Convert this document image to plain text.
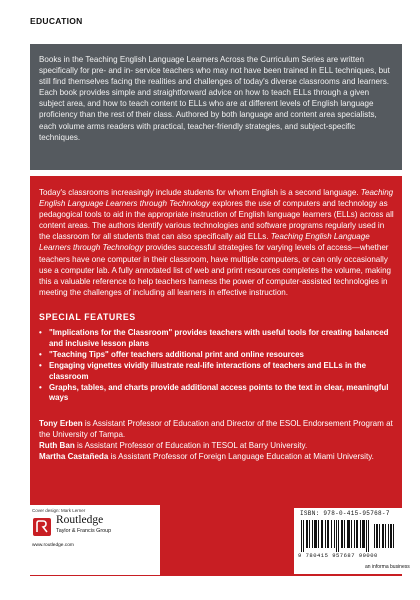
EDUCATION
Books in the Teaching English Language Learners Across the Curriculum Series are written specifically for pre- and in- service teachers who may not have been trained in ELL techniques, but still find themselves facing the realities and challenges of today's diverse classrooms and learners. Each book provides simple and straightforward advice on how to teach ELLs through a given subject area, and how to teach content to ELLs who are at different levels of English language proficiency than the rest of their class. Authored by both language and content area specialists, each volume arms readers with practical, teacher-friendly strategies, and subject-specific techniques.

Today's classrooms increasingly include students for whom English is a second language. Teaching English Language Learners through Technology explores the use of computers and technology as pedagogical tools to aid in the appropriate instruction of English language learners (ELLs) across all content areas. The authors identify various technologies and software programs regularly used in the classroom for all students that can also specifically aid ELLs. Teaching English Language Learners through Technology provides successful strategies for varying levels of access—whether teachers have one computer in their classroom, have multiple computers, or can only occasionally use a computer lab. A fully annotated list of web and print resources completes the volume, making this a valuable reference to help teachers harness the power of computer-assisted technologies in meeting the challenges of including all learners in effective instruction.

SPECIAL FEATURES
• "Implications for the Classroom" provides teachers with useful tools for creating balanced and inclusive lesson plans
• "Teaching Tips" offer teachers additional print and online resources
• Engaging vignettes vividly illustrate real-life interactions of teachers and ELLs in the classroom
• Graphs, tables, and charts provide additional access points to the text in clear, meaningful ways

Tony Erben is Assistant Professor of Education and Director of the ESOL Endorsement Program at the University of Tampa.

Ruth Ban is Assistant Professor of Education in TESOL at Barry University.

Martha Castañeda is Assistant Professor of Foreign Language Education at Miami University.

Cover design: Mark Lerner
Routledge
Taylor & Francis Group
www.routledge.com
ISBN: 978-0-415-95768-7
9 780415 957687 90000
an informa business
